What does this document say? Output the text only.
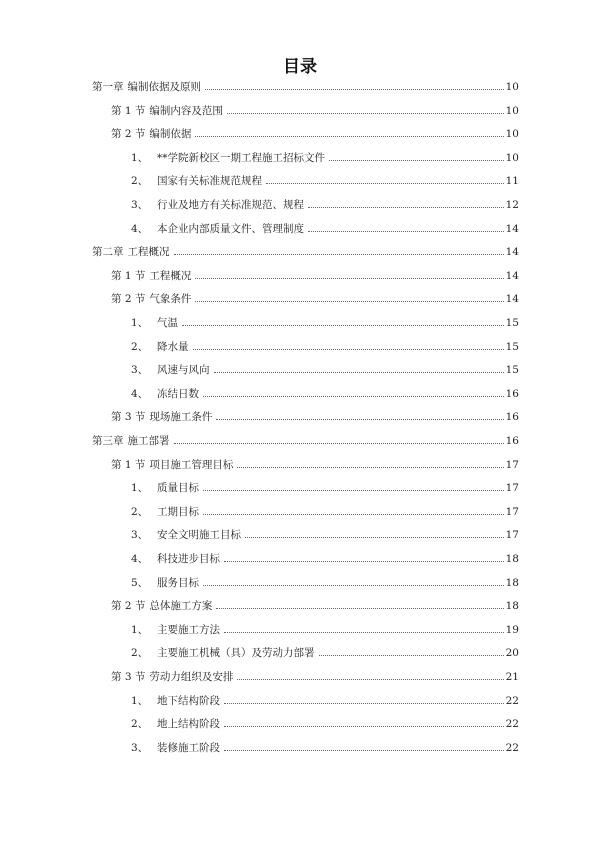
目录
第一章 编制依据及原则	10
第 1 节 编制内容及范围	10
第 2 节 编制依据	10
1、 **学院新校区一期工程施工招标文件	10
2、 国家有关标准规范规程	11
3、 行业及地方有关标准规范、规程	12
4、 本企业内部质量文件、管理制度	14
第二章 工程概况	14
第 1 节 工程概况	14
第 2 节 气象条件	14
1、 气温	15
2、 降水量	15
3、 风速与风向	15
4、 冻结日数	16
第 3 节 现场施工条件	16
第三章 施工部署	16
第 1 节 项目施工管理目标	17
1、 质量目标	17
2、 工期目标	17
3、 安全文明施工目标	17
4、 科技进步目标	18
5、 服务目标	18
第 2 节 总体施工方案	18
1、 主要施工方法	19
2、 主要施工机械（具）及劳动力部署	20
第 3 节 劳动力组织及安排	21
1、 地下结构阶段	22
2、 地上结构阶段	22
3、 装修施工阶段	22
